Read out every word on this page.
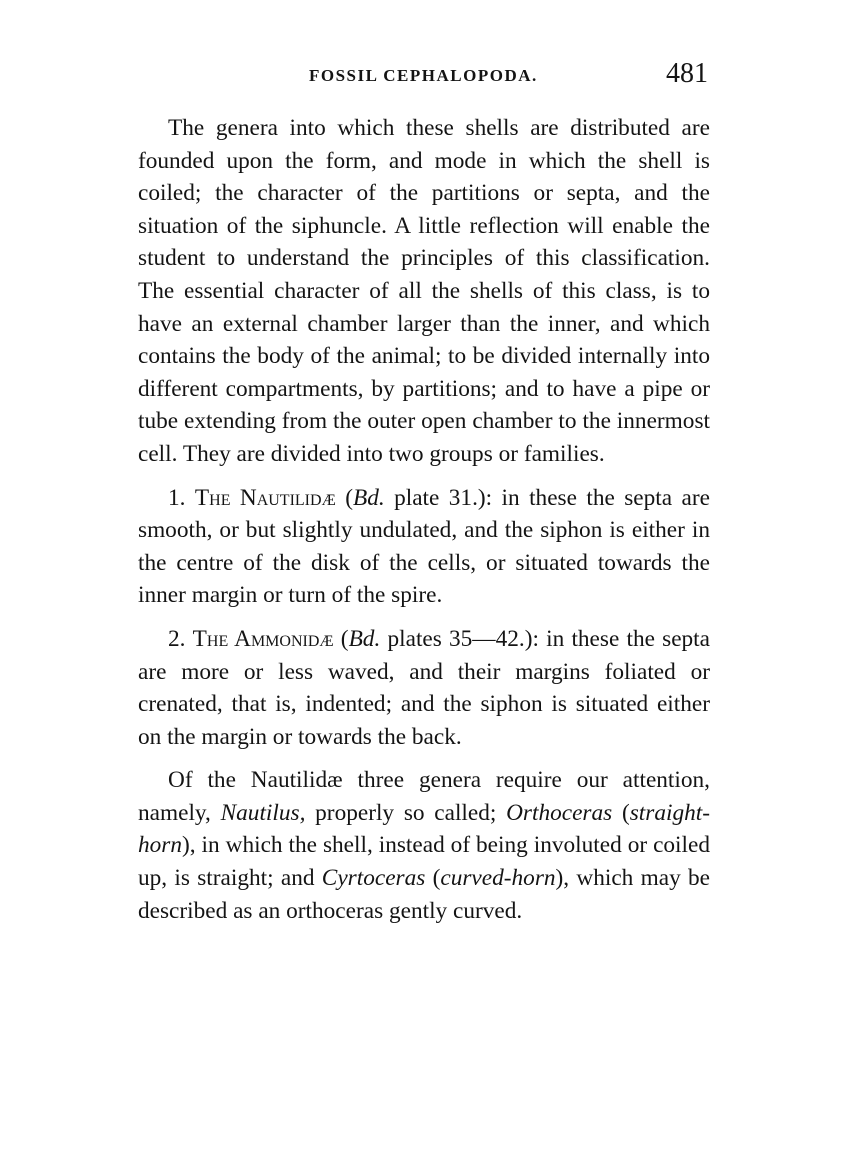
FOSSIL CEPHALOPODA.	481

The genera into which these shells are distributed are founded upon the form, and mode in which the shell is coiled; the character of the partitions or septa, and the situation of the siphuncle. A little reflection will enable the student to understand the principles of this classification. The essential character of all the shells of this class, is to have an external chamber larger than the inner, and which contains the body of the animal; to be divided internally into different compartments, by partitions; and to have a pipe or tube extending from the outer open chamber to the innermost cell. They are divided into two groups or families.

1. The Nautilidæ (Bd. plate 31.): in these the septa are smooth, or but slightly undulated, and the siphon is either in the centre of the disk of the cells, or situated towards the inner margin or turn of the spire.

2. The Ammonidæ (Bd. plates 35—42.): in these the septa are more or less waved, and their margins foliated or crenated, that is, indented; and the siphon is situated either on the margin or towards the back.

Of the Nautilidæ three genera require our attention, namely, Nautilus, properly so called; Orthoceras (straight-horn), in which the shell, instead of being involuted or coiled up, is straight; and Cyrtoceras (curved-horn), which may be described as an orthoceras gently curved.
